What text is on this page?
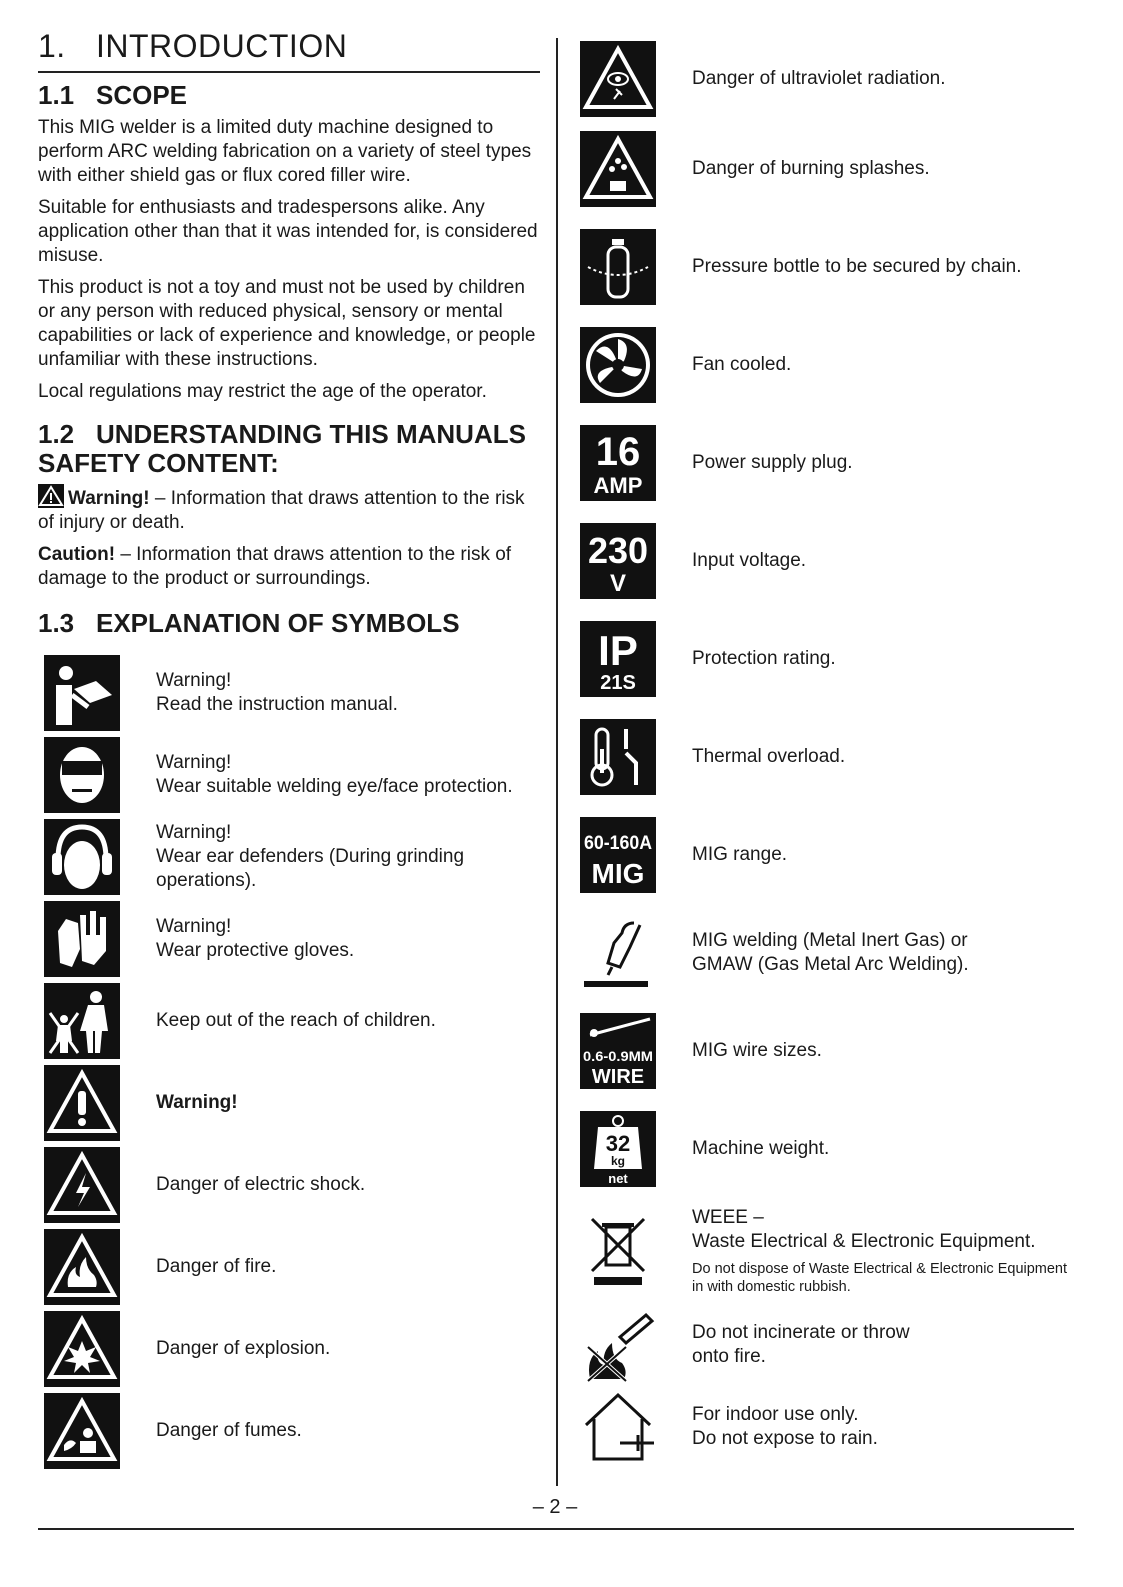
1. INTRODUCTION
1.1 SCOPE

This MIG welder is a limited duty machine designed to perform ARC welding fabrication on a variety of steel types with either shield gas or flux cored filler wire.

Suitable for enthusiasts and tradespersons alike. Any application other than that it was intended for, is considered misuse.

This product is not a toy and must not be used by children or any person with reduced physical, sensory or mental capabilities or lack of experience and knowledge, or people unfamiliar with these instructions.

Local regulations may restrict the age of the operator.

1.2 UNDERSTANDING THIS MANUALS SAFETY CONTENT:
Warning! – Information that draws attention to the risk of injury or death.
Caution! – Information that draws attention to the risk of damage to the product or surroundings.
1.3 EXPLANATION OF SYMBOLS
Warning!
Read the instruction manual.
Warning!
Wear suitable welding eye/face protection.
Warning!
Wear ear defenders (During grinding operations).
Warning!
Wear protective gloves.
Keep out of the reach of children.
Warning!
Danger of electric shock.
Danger of fire.
Danger of explosion.
Danger of fumes.
Danger of ultraviolet radiation.
Danger of burning splashes.
Pressure bottle to be secured by chain.
Fan cooled.
16
AMP
Power supply plug.
230
V
Input voltage.
IP
21S
Protection rating.
Thermal overload.
60-160A
MIG
MIG range.
MIG welding (Metal Inert Gas) or
GMAW (Gas Metal Arc Welding).
0.6-0.9MM
WIRE
MIG wire sizes.
32
kg
net
Machine weight.
WEEE –
Waste Electrical & Electronic Equipment.
Do not dispose of Waste Electrical & Electronic Equipment in with domestic rubbish.
Do not incinerate or throw
onto fire.
For indoor use only.
Do not expose to rain.
– 2 –
